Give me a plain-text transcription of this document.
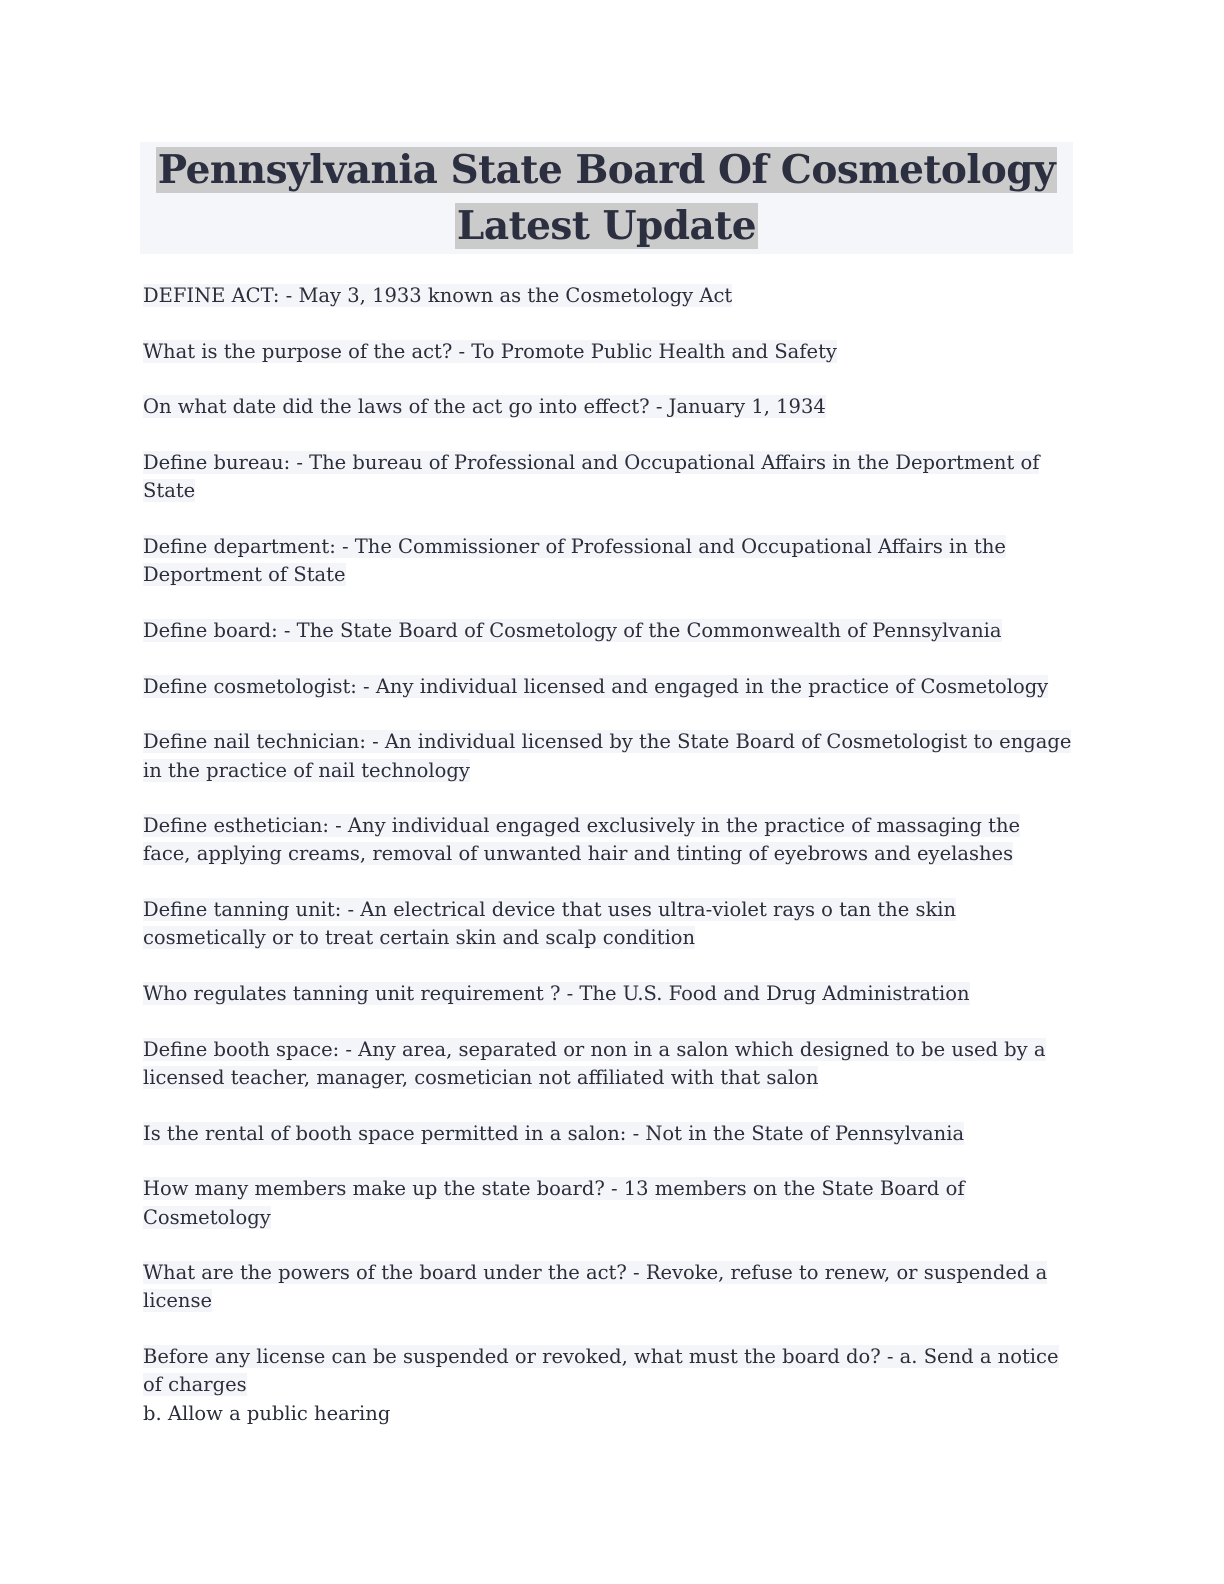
Pennsylvania State Board Of Cosmetology
Latest Update

DEFINE ACT: - May 3, 1933 known as the Cosmetology Act

What is the purpose of the act? - To Promote Public Health and Safety

On what date did the laws of the act go into effect? - January 1, 1934

Define bureau: - The bureau of Professional and Occupational Affairs in the Deportment of State

Define department: - The Commissioner of Professional and Occupational Affairs in the Deportment of State

Define board: - The State Board of Cosmetology of the Commonwealth of Pennsylvania

Define cosmetologist: - Any individual licensed and engaged in the practice of Cosmetology

Define nail technician: - An individual licensed by the State Board of Cosmetologist to engage in the practice of nail technology

Define esthetician: - Any individual engaged exclusively in the practice of massaging the face, applying creams, removal of unwanted hair and tinting of eyebrows and eyelashes

Define tanning unit: - An electrical device that uses ultra-violet rays o tan the skin cosmetically or to treat certain skin and scalp condition

Who regulates tanning unit requirement ? - The U.S. Food and Drug Administration

Define booth space: - Any area, separated or non in a salon which designed to be used by a licensed teacher, manager, cosmetician not affiliated with that salon

Is the rental of booth space permitted in a salon: - Not in the State of Pennsylvania

How many members make up the state board? - 13 members on the State Board of Cosmetology

What are the powers of the board under the act? - Revoke, refuse to renew, or suspended a license

Before any license can be suspended or revoked, what must the board do? - a. Send a notice of charges
b. Allow a public hearing
